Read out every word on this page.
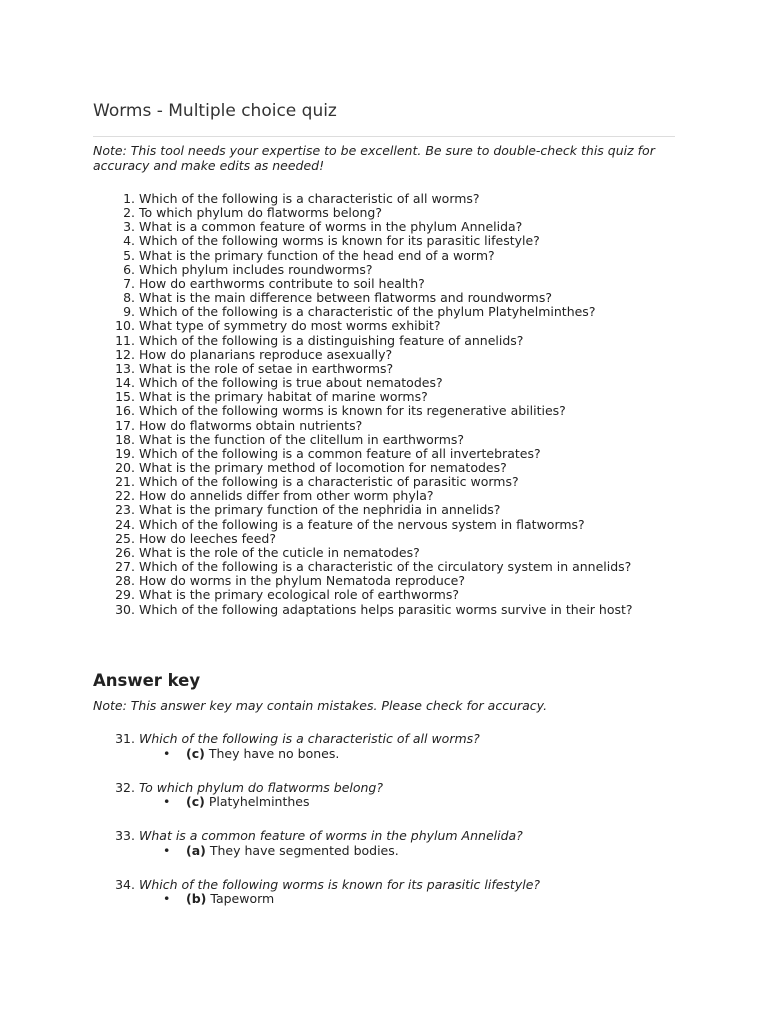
Worms - Multiple choice quiz

Note: This tool needs your expertise to be excellent. Be sure to double-check this quiz for accuracy and make edits as needed!

1. Which of the following is a characteristic of all worms?
2. To which phylum do flatworms belong?
3. What is a common feature of worms in the phylum Annelida?
4. Which of the following worms is known for its parasitic lifestyle?
5. What is the primary function of the head end of a worm?
6. Which phylum includes roundworms?
7. How do earthworms contribute to soil health?
8. What is the main difference between flatworms and roundworms?
9. Which of the following is a characteristic of the phylum Platyhelminthes?
10. What type of symmetry do most worms exhibit?
11. Which of the following is a distinguishing feature of annelids?
12. How do planarians reproduce asexually?
13. What is the role of setae in earthworms?
14. Which of the following is true about nematodes?
15. What is the primary habitat of marine worms?
16. Which of the following worms is known for its regenerative abilities?
17. How do flatworms obtain nutrients?
18. What is the function of the clitellum in earthworms?
19. Which of the following is a common feature of all invertebrates?
20. What is the primary method of locomotion for nematodes?
21. Which of the following is a characteristic of parasitic worms?
22. How do annelids differ from other worm phyla?
23. What is the primary function of the nephridia in annelids?
24. Which of the following is a feature of the nervous system in flatworms?
25. How do leeches feed?
26. What is the role of the cuticle in nematodes?
27. Which of the following is a characteristic of the circulatory system in annelids?
28. How do worms in the phylum Nematoda reproduce?
29. What is the primary ecological role of earthworms?
30. Which of the following adaptations helps parasitic worms survive in their host?
Answer key

Note: This answer key may contain mistakes. Please check for accuracy.

31. Which of the following is a characteristic of all worms?
• (c) They have no bones.
32. To which phylum do flatworms belong?
• (c) Platyhelminthes
33. What is a common feature of worms in the phylum Annelida?
• (a) They have segmented bodies.
34. Which of the following worms is known for its parasitic lifestyle?
• (b) Tapeworm
